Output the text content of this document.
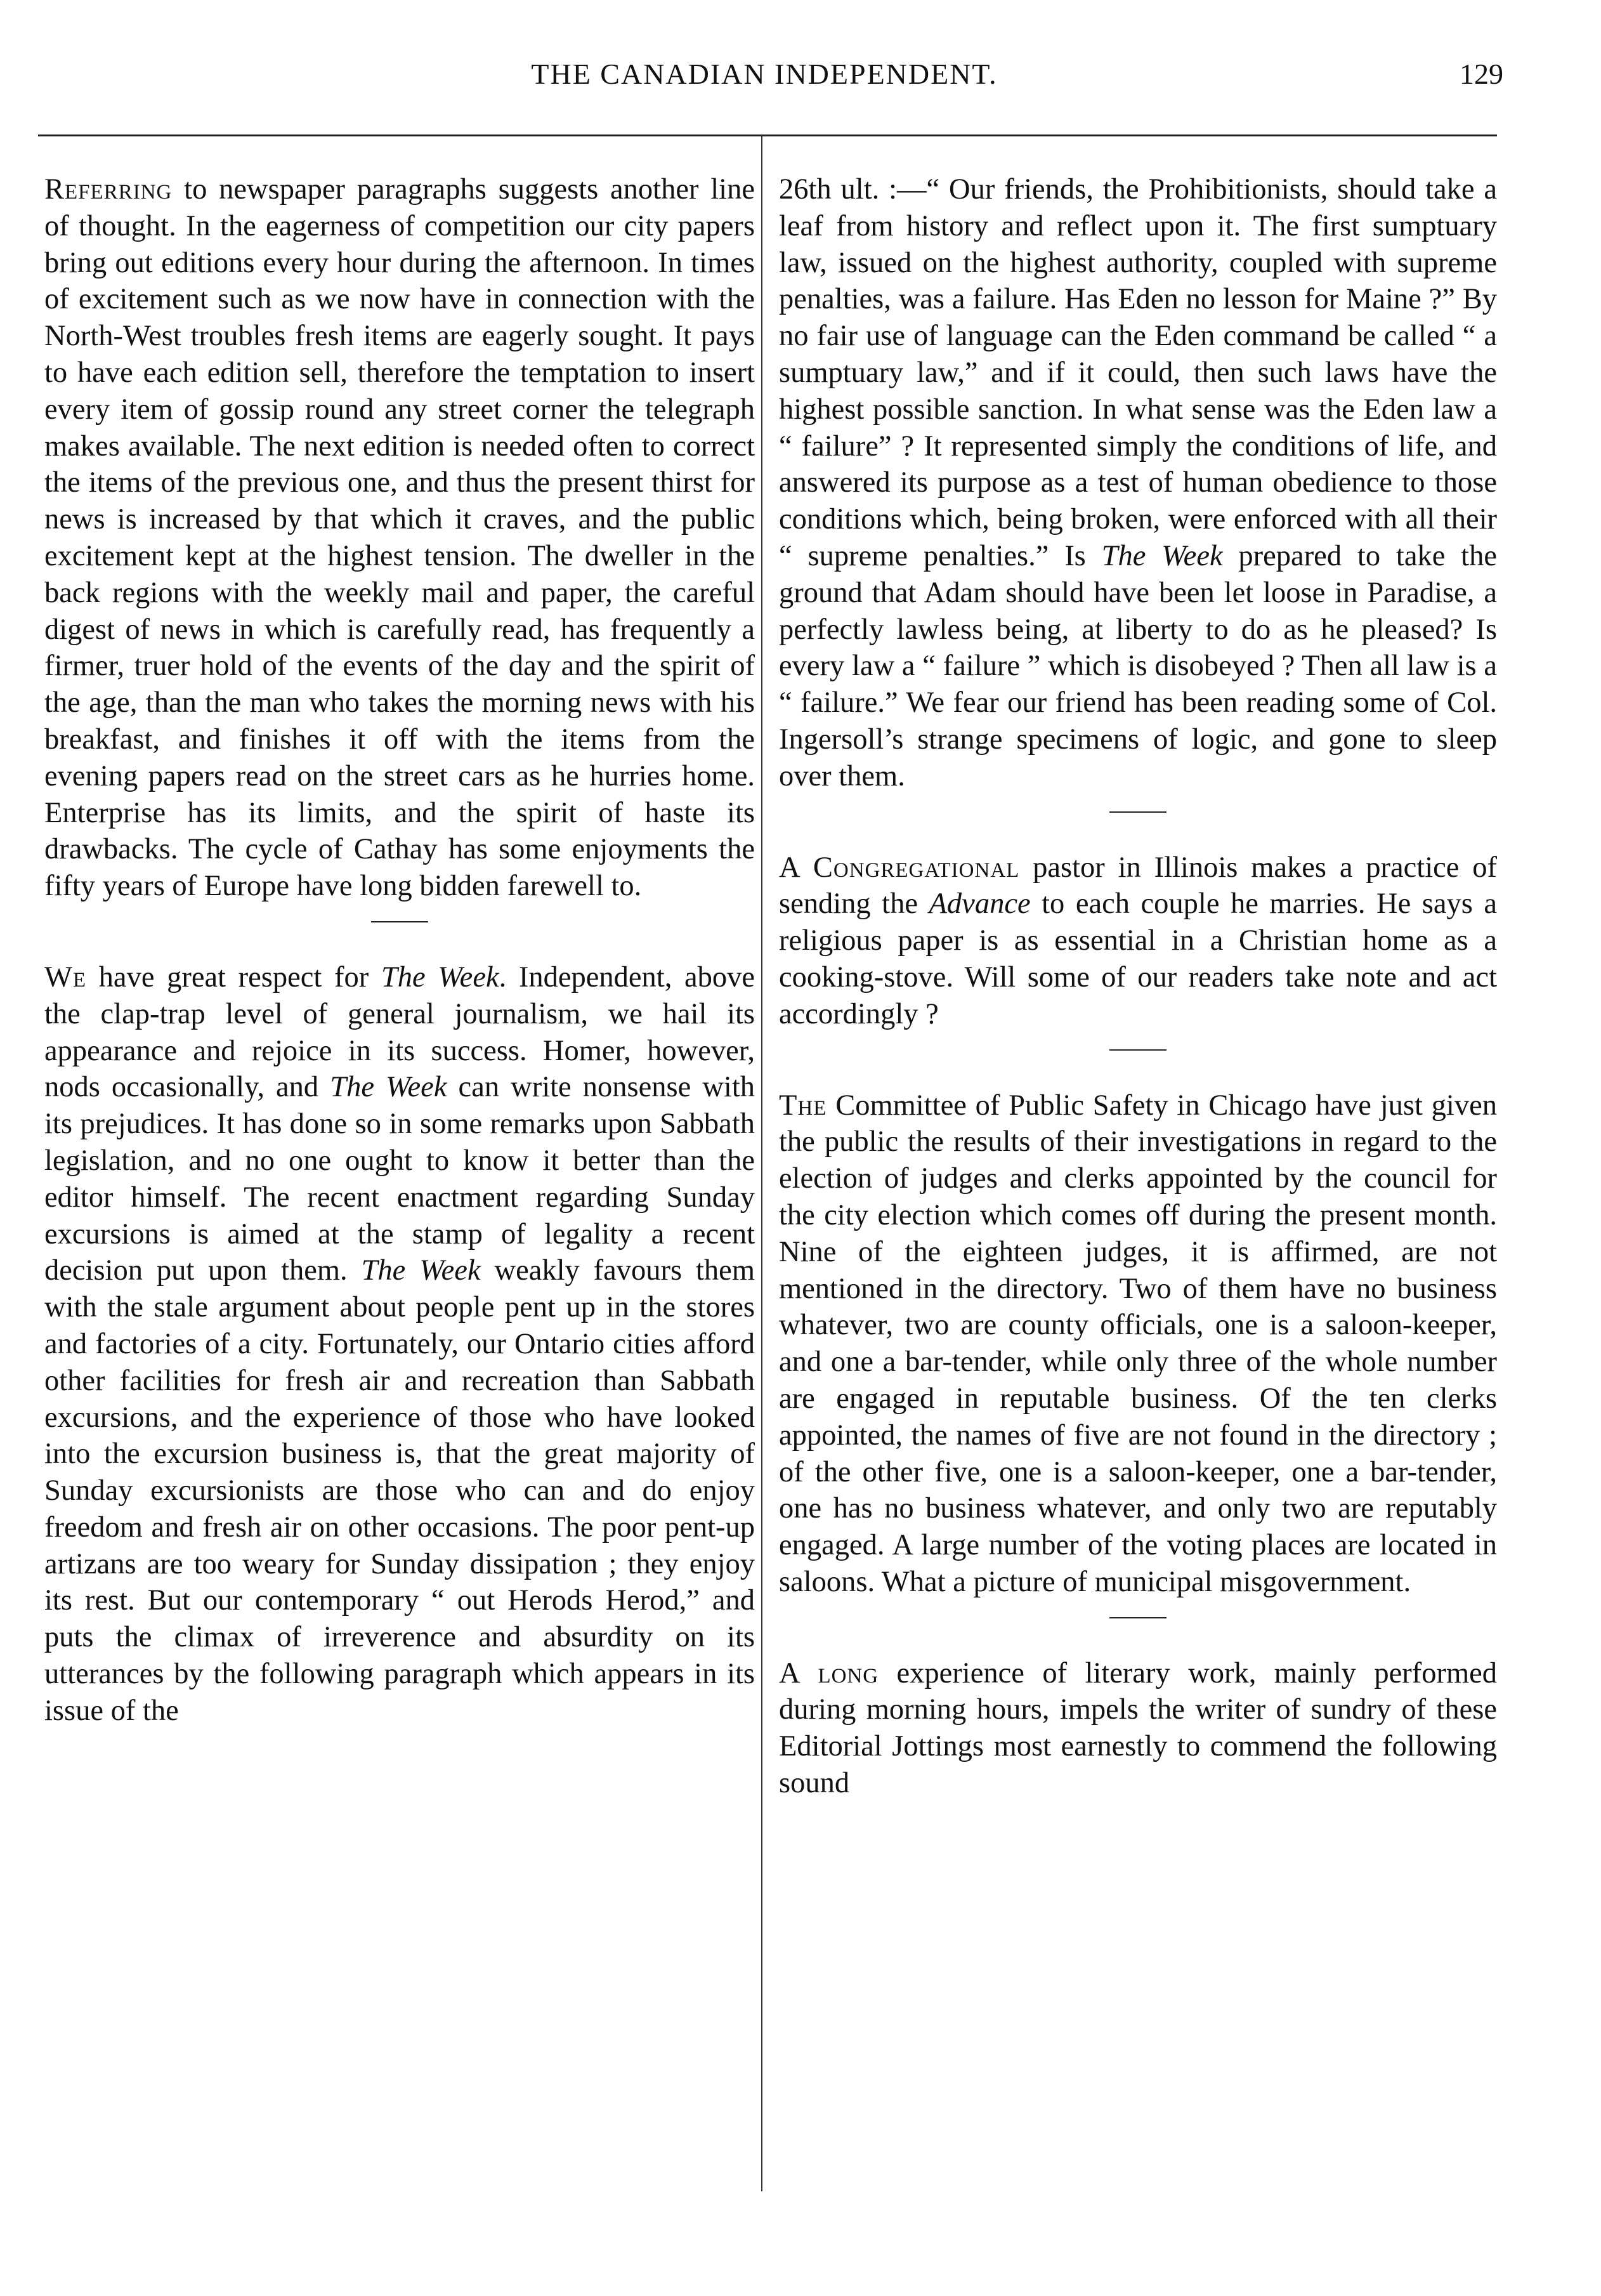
THE CANADIAN INDEPENDENT.	129

Referring to newspaper paragraphs suggests another line of thought. In the eagerness of competition our city papers bring out editions every hour during the afternoon. In times of excitement such as we now have in connection with the North-West troubles fresh items are eagerly sought. It pays to have each edition sell, therefore the temptation to insert every item of gossip round any street corner the telegraph makes available. The next edition is needed often to correct the items of the previous one, and thus the present thirst for news is increased by that which it craves, and the public excitement kept at the highest tension. The dweller in the back regions with the weekly mail and paper, the careful digest of news in which is carefully read, has frequently a firmer, truer hold of the events of the day and the spirit of the age, than the man who takes the morning news with his breakfast, and finishes it off with the items from the evening papers read on the street cars as he hurries home. Enterprise has its limits, and the spirit of haste its drawbacks. The cycle of Cathay has some enjoyments the fifty years of Europe have long bidden farewell to.

We have great respect for The Week. Independent, above the clap-trap level of general journalism, we hail its appearance and rejoice in its success. Homer, however, nods occasionally, and The Week can write nonsense with its prejudices. It has done so in some remarks upon Sabbath legislation, and no one ought to know it better than the editor himself. The recent enactment regarding Sunday excursions is aimed at the stamp of legality a recent decision put upon them. The Week weakly favours them with the stale argument about people pent up in the stores and factories of a city. Fortunately, our Ontario cities afford other facilities for fresh air and recreation than Sabbath excursions, and the experience of those who have looked into the excursion business is, that the great majority of Sunday excursionists are those who can and do enjoy freedom and fresh air on other occasions. The poor pent-up artizans are too weary for Sunday dissipation ; they enjoy its rest. But our contemporary “ out Herods Herod,” and puts the climax of irreverence and absurdity on its utterances by the following paragraph which appears in its issue of the

26th ult. :—“ Our friends, the Prohibitionists, should take a leaf from history and reflect upon it. The first sumptuary law, issued on the highest authority, coupled with supreme penalties, was a failure. Has Eden no lesson for Maine ?” By no fair use of language can the Eden command be called “ a sumptuary law,” and if it could, then such laws have the highest possible sanction. In what sense was the Eden law a “ failure” ? It represented simply the conditions of life, and answered its purpose as a test of human obedience to those conditions which, being broken, were enforced with all their “ supreme penalties.” Is The Week prepared to take the ground that Adam should have been let loose in Paradise, a perfectly lawless being, at liberty to do as he pleased? Is every law a “ failure ” which is disobeyed ? Then all law is a “ failure.” We fear our friend has been reading some of Col. Ingersoll’s strange specimens of logic, and gone to sleep over them.

A Congregational pastor in Illinois makes a practice of sending the Advance to each couple he marries. He says a religious paper is as essential in a Christian home as a cooking-stove. Will some of our readers take note and act accordingly ?

The Committee of Public Safety in Chicago have just given the public the results of their investigations in regard to the election of judges and clerks appointed by the council for the city election which comes off during the present month. Nine of the eighteen judges, it is affirmed, are not mentioned in the directory. Two of them have no business whatever, two are county officials, one is a saloon-keeper, and one a bar-tender, while only three of the whole number are engaged in reputable business. Of the ten clerks appointed, the names of five are not found in the directory ; of the other five, one is a saloon-keeper, one a bar-tender, one has no business whatever, and only two are reputably engaged. A large number of the voting places are located in saloons. What a picture of municipal misgovernment.

A long experience of literary work, mainly performed during morning hours, impels the writer of sundry of these Editorial Jottings most earnestly to commend the following sound
